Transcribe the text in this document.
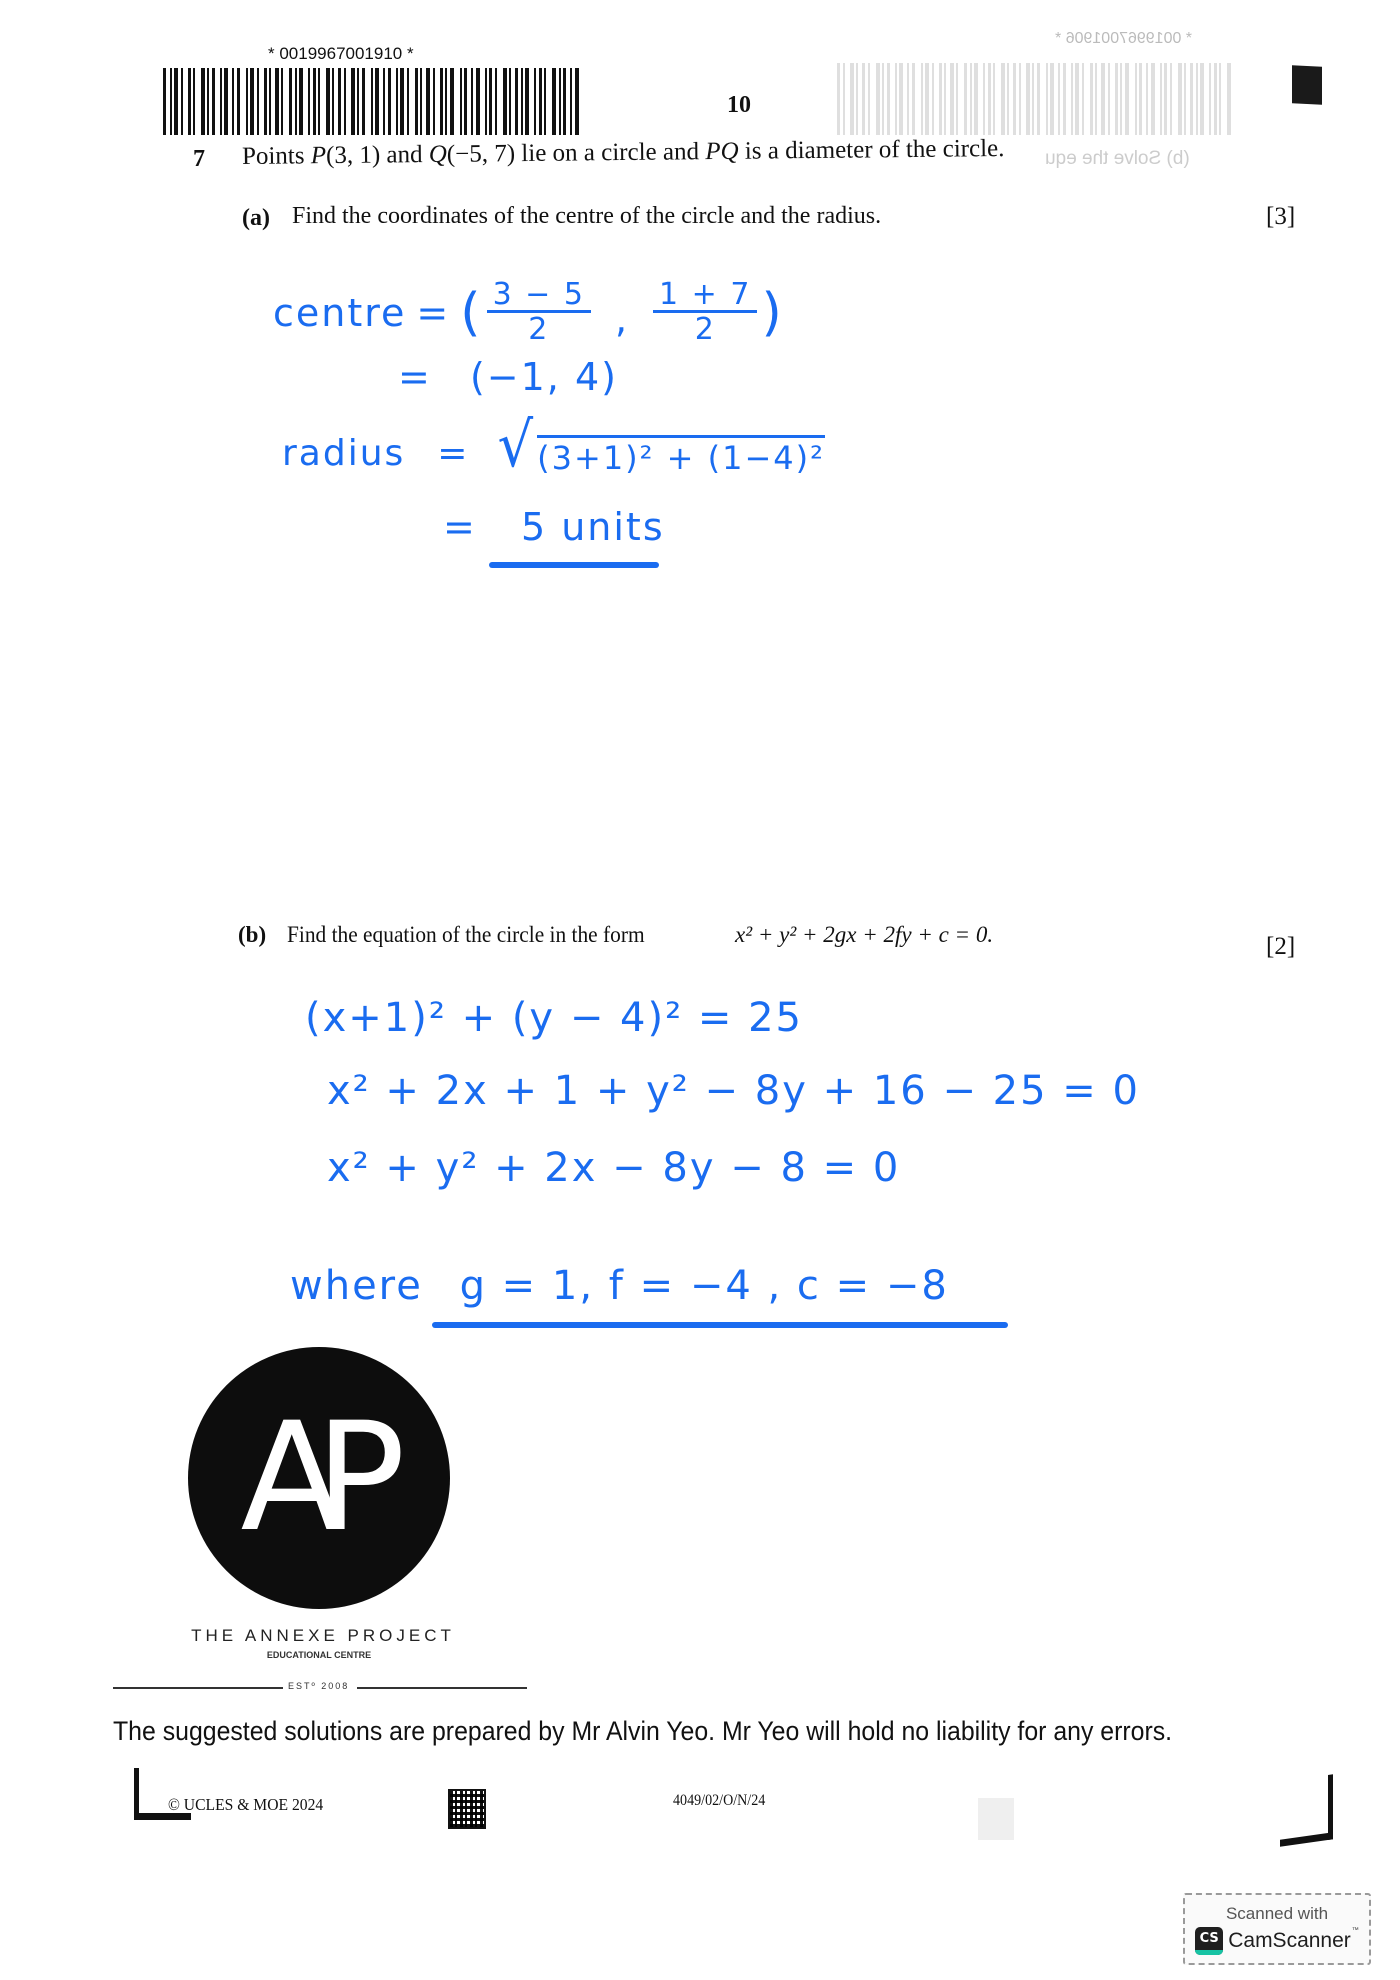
* 0019967001910 *
10
* 0019967001906 *
7 Points P(3, 1) and Q(−5, 7) lie on a circle and PQ is a diameter of the circle. (b) Solve the equ
(a) Find the coordinates of the centre of the circle and the radius.	[3]
centre = ( $\frac{3 - 5}{2}$ , $\frac{1 + 7}{2}$ )
= (−1, 4)
radius = √ (3+1)² + (1−4)²
= 5 units
(b) Find the equation of the circle in the form	x² + y² + 2gx + 2fy + c = 0.	[2]
(x+1)² + (y − 4)² = 25
x² + 2x + 1 + y² − 8y + 16 − 25 = 0
x² + y² + 2x − 8y − 8 = 0
where g = 1, f = −4 , c = −8
AP
THE ANNEXE PROJECT
EDUCATIONAL CENTRE
ESTº 2008
The suggested solutions are prepared by Mr Alvin Yeo. Mr Yeo will hold no liability for any errors.
© UCLES & MOE 2024	4049/02/O/N/24
Scanned with
CS CamScanner ™
